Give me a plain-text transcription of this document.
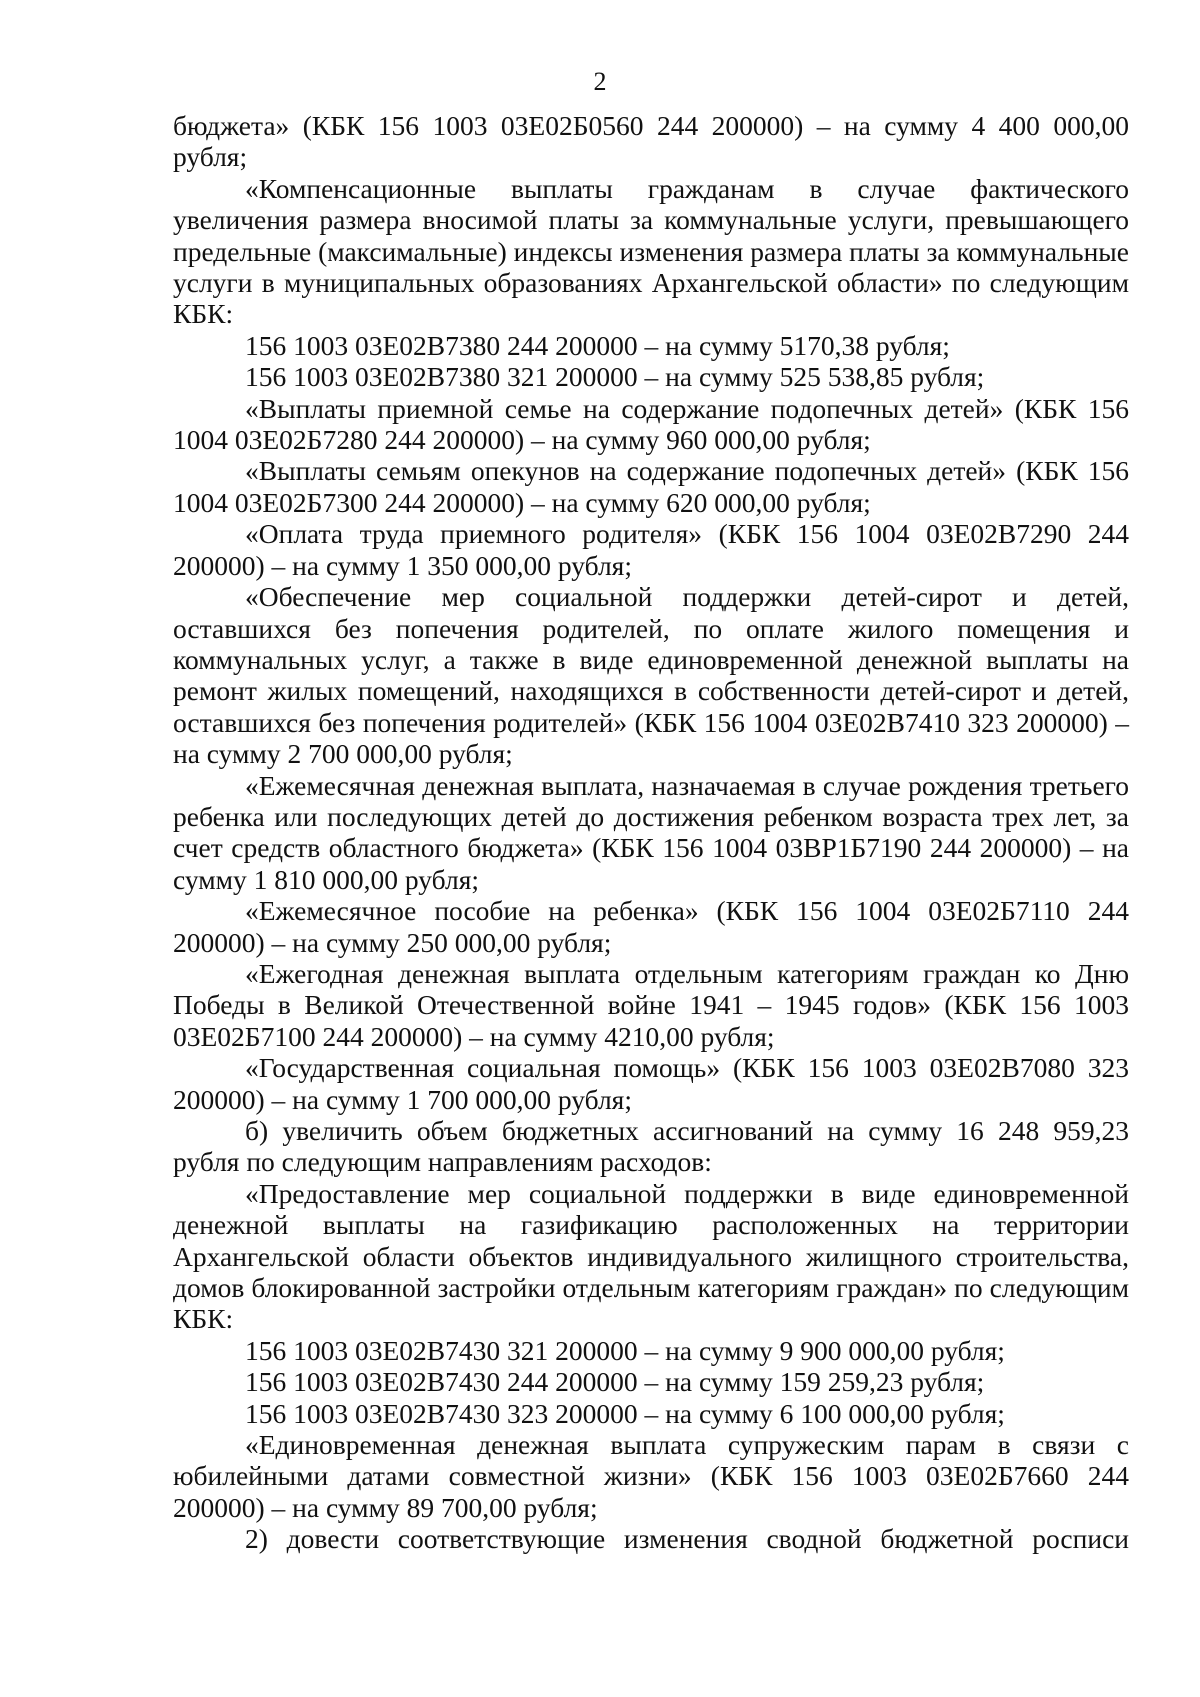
2

бюджета» (КБК 156 1003 03Е02Б0560 244 200000) – на сумму 4 400 000,00 рубля;

«Компенсационные выплаты гражданам в случае фактического увеличения размера вносимой платы за коммунальные услуги, превышающего предельные (максимальные) индексы изменения размера платы за коммунальные услуги в муниципальных образованиях Архангельской области» по следующим КБК:

156 1003 03Е02В7380 244 200000 – на сумму 5170,38 рубля;

156 1003 03Е02В7380 321 200000 – на сумму 525 538,85 рубля;

«Выплаты приемной семье на содержание подопечных детей» (КБК 156 1004 03Е02Б7280 244 200000) – на сумму 960 000,00 рубля;

«Выплаты семьям опекунов на содержание подопечных детей» (КБК 156 1004 03Е02Б7300 244 200000) – на сумму 620 000,00 рубля;

«Оплата труда приемного родителя» (КБК 156 1004 03Е02В7290 244 200000) – на сумму 1 350 000,00 рубля;

«Обеспечение мер социальной поддержки детей-сирот и детей, оставшихся без попечения родителей, по оплате жилого помещения и коммунальных услуг, а также в виде единовременной денежной выплаты на ремонт жилых помещений, находящихся в собственности детей-сирот и детей, оставшихся без попечения родителей» (КБК 156 1004 03Е02В7410 323 200000) – на сумму 2 700 000,00 рубля;

«Ежемесячная денежная выплата, назначаемая в случае рождения третьего ребенка или последующих детей до достижения ребенком возраста трех лет, за счет средств областного бюджета» (КБК 156 1004 03ВР1Б7190 244 200000) – на сумму 1 810 000,00 рубля;

«Ежемесячное пособие на ребенка» (КБК 156 1004 03Е02Б7110 244 200000) – на сумму 250 000,00 рубля;

«Ежегодная денежная выплата отдельным категориям граждан ко Дню Победы в Великой Отечественной войне 1941 – 1945 годов» (КБК 156 1003 03Е02Б7100 244 200000) – на сумму 4210,00 рубля;

«Государственная социальная помощь» (КБК 156 1003 03Е02В7080 323 200000) – на сумму 1 700 000,00 рубля;

б) увеличить объем бюджетных ассигнований на сумму 16 248 959,23 рубля по следующим направлениям расходов:

«Предоставление мер социальной поддержки в виде единовременной денежной выплаты на газификацию расположенных на территории Архангельской области объектов индивидуального жилищного строительства, домов блокированной застройки отдельным категориям граждан» по следующим КБК:

156 1003 03Е02В7430 321 200000 – на сумму 9 900 000,00 рубля;

156 1003 03Е02В7430 244 200000 – на сумму 159 259,23 рубля;

156 1003 03Е02В7430 323 200000 – на сумму 6 100 000,00 рубля;

«Единовременная денежная выплата супружеским парам в связи с юбилейными датами совместной жизни» (КБК 156 1003 03Е02Б7660 244 200000) – на сумму 89 700,00 рубля;

2) довести соответствующие изменения сводной бюджетной росписи
